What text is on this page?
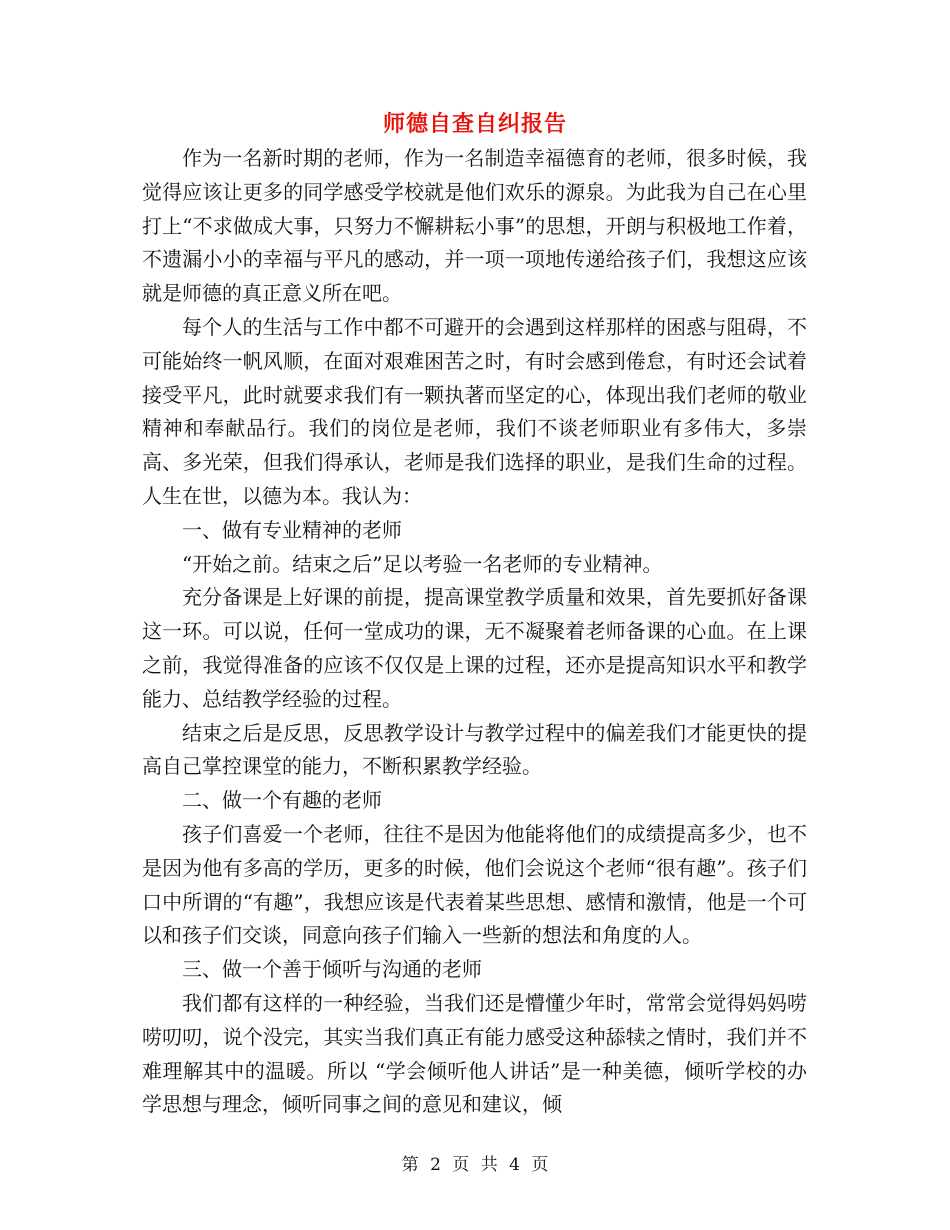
师德自查自纠报告

作为一名新时期的老师，作为一名制造幸福德育的老师，很多时候，我觉得应该让更多的同学感受学校就是他们欢乐的源泉。为此我为自己在心里打上“不求做成大事，只努力不懈耕耘小事”的思想，开朗与积极地工作着，不遗漏小小的幸福与平凡的感动，并一项一项地传递给孩子们，我想这应该就是师德的真正意义所在吧。

每个人的生活与工作中都不可避开的会遇到这样那样的困惑与阻碍，不可能始终一帆风顺，在面对艰难困苦之时，有时会感到倦怠，有时还会试着接受平凡，此时就要求我们有一颗执著而坚定的心，体现出我们老师的敬业精神和奉献品行。我们的岗位是老师，我们不谈老师职业有多伟大，多崇高、多光荣，但我们得承认，老师是我们选择的职业，是我们生命的过程。人生在世，以德为本。我认为：

一、做有专业精神的老师

“开始之前。结束之后”足以考验一名老师的专业精神。

充分备课是上好课的前提，提高课堂教学质量和效果，首先要抓好备课这一环。可以说，任何一堂成功的课，无不凝聚着老师备课的心血。在上课之前，我觉得准备的应该不仅仅是上课的过程，还亦是提高知识水平和教学能力、总结教学经验的过程。

结束之后是反思，反思教学设计与教学过程中的偏差我们才能更快的提高自己掌控课堂的能力，不断积累教学经验。

二、做一个有趣的老师

孩子们喜爱一个老师，往往不是因为他能将他们的成绩提高多少，也不是因为他有多高的学历，更多的时候，他们会说这个老师“很有趣”。孩子们口中所谓的“有趣”，我想应该是代表着某些思想、感情和激情，他是一个可以和孩子们交谈，同意向孩子们输入一些新的想法和角度的人。

三、做一个善于倾听与沟通的老师

我们都有这样的一种经验，当我们还是懵懂少年时，常常会觉得妈妈唠唠叨叨，说个没完，其实当我们真正有能力感受这种舔犊之情时，我们并不难理解其中的温暖。所以 “学会倾听他人讲话”是一种美德，倾听学校的办学思想与理念，倾听同事之间的意见和建议，倾

第 2 页 共 4 页
